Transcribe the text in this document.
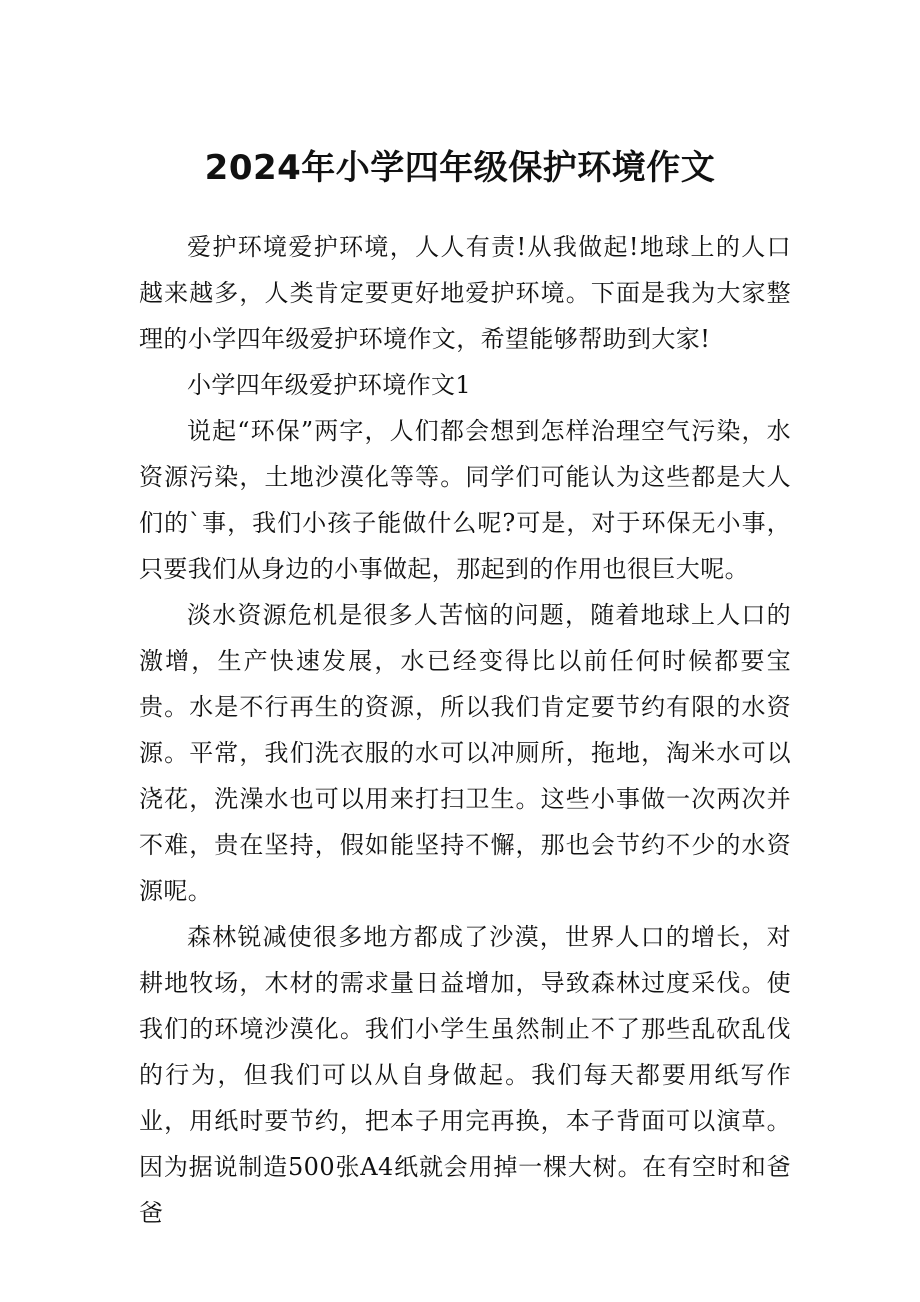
2024年小学四年级保护环境作文

爱护环境爱护环境，人人有责!从我做起!地球上的人口越来越多，人类肯定要更好地爱护环境。下面是我为大家整理的小学四年级爱护环境作文，希望能够帮助到大家!

小学四年级爱护环境作文1

说起“环保”两字，人们都会想到怎样治理空气污染，水资源污染，土地沙漠化等等。同学们可能认为这些都是大人们的`事，我们小孩子能做什么呢?可是，对于环保无小事，只要我们从身边的小事做起，那起到的作用也很巨大呢。

淡水资源危机是很多人苦恼的问题，随着地球上人口的激增，生产快速发展，水已经变得比以前任何时候都要宝贵。水是不行再生的资源，所以我们肯定要节约有限的水资源。平常，我们洗衣服的水可以冲厕所，拖地，淘米水可以浇花，洗澡水也可以用来打扫卫生。这些小事做一次两次并不难，贵在坚持，假如能坚持不懈，那也会节约不少的水资源呢。

森林锐减使很多地方都成了沙漠，世界人口的增长，对耕地牧场，木材的需求量日益增加，导致森林过度采伐。使我们的环境沙漠化。我们小学生虽然制止不了那些乱砍乱伐的行为，但我们可以从自身做起。我们每天都要用纸写作业，用纸时要节约，把本子用完再换，本子背面可以演草。因为据说制造500张A4纸就会用掉一棵大树。在有空时和爸爸
